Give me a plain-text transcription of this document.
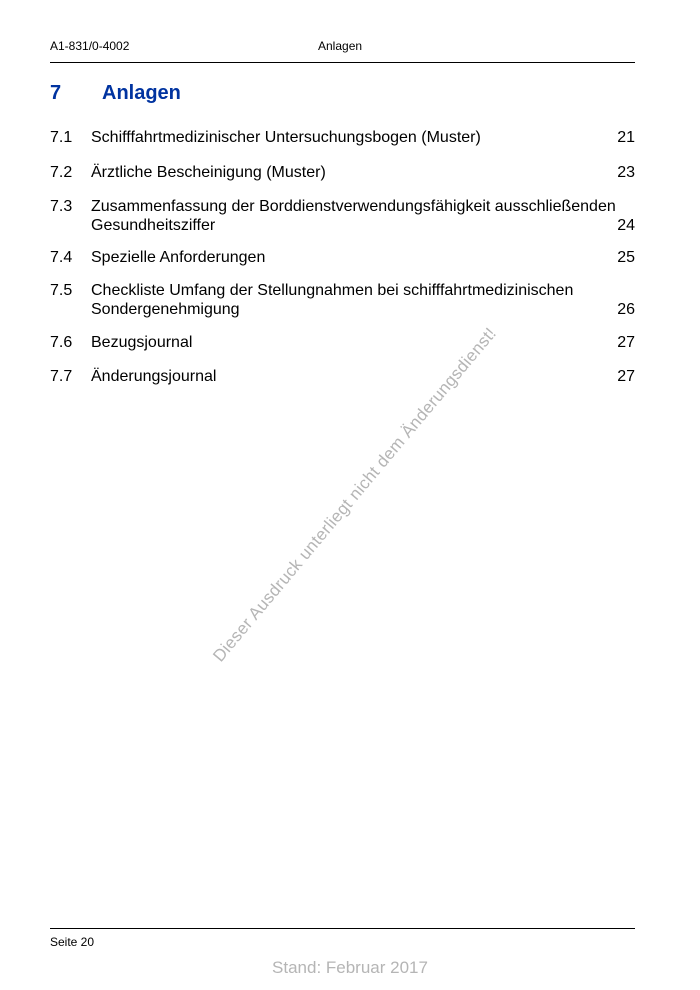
A1-831/0-4002	Anlagen
7 Anlagen
7.1 Schifffahrtmedizinischer Untersuchungsbogen (Muster)	21
7.2 Ärztliche Bescheinigung (Muster)	23
7.3 Zusammenfassung der Borddienstverwendungsfähigkeit ausschließenden Gesundheitsziffer	24
7.4 Spezielle Anforderungen	25
7.5 Checkliste Umfang der Stellungnahmen bei schifffahrtmedizinischen Sondergenehmigung	26
7.6 Bezugsjournal	27
7.7 Änderungsjournal	27
Dieser Ausdruck unterliegt nicht dem Änderungsdienst!
Seite 20
Stand: Februar 2017
